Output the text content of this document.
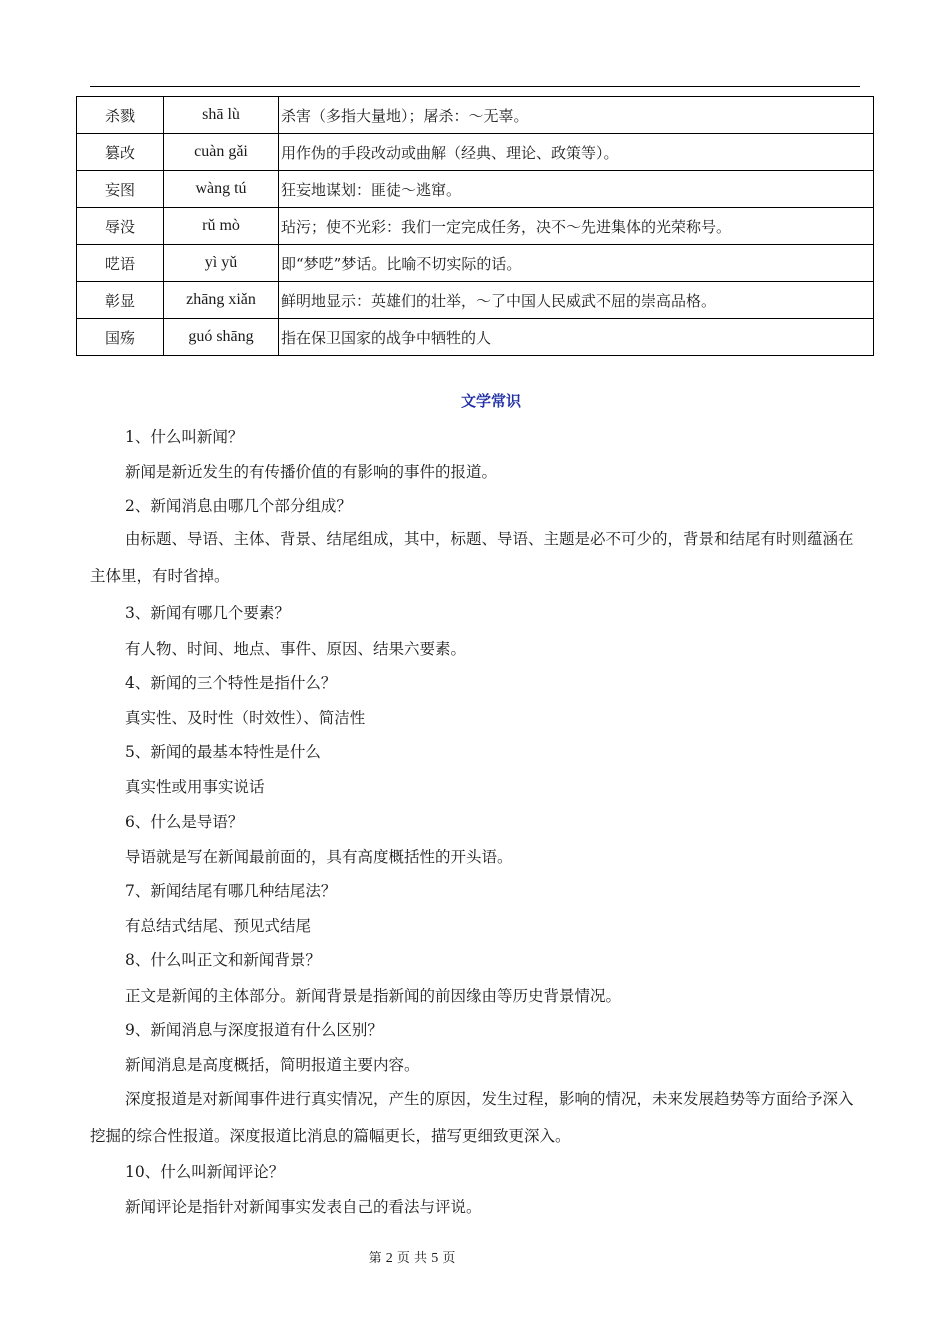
杀戮	shā lù	杀害（多指大量地）；屠杀：～无辜。
篡改	cuàn gǎi	用作伪的手段改动或曲解（经典、理论、政策等）。
妄图	wàng tú	狂妄地谋划：匪徒～逃窜。
辱没	rǔ mò	玷污；使不光彩：我们一定完成任务，决不～先进集体的光荣称号。
呓语	yì yǔ	即“梦呓”梦话。比喻不切实际的话。
彰显	zhāng xiǎn	鲜明地显示：英雄们的壮举，～了中国人民威武不屈的崇高品格。
国殇	guó shāng	指在保卫国家的战争中牺牲的人
文学常识
1、什么叫新闻？
新闻是新近发生的有传播价值的有影响的事件的报道。
2、新闻消息由哪几个部分组成？
由标题、导语、主体、背景、结尾组成，其中，标题、导语、主题是必不可少的，背景和结尾有时则蕴涵在主体里，有时省掉。
3、新闻有哪几个要素？
有人物、时间、地点、事件、原因、结果六要素。
4、新闻的三个特性是指什么？
真实性、及时性（时效性）、简洁性
5、新闻的最基本特性是什么
真实性或用事实说话
6、什么是导语？
导语就是写在新闻最前面的，具有高度概括性的开头语。
7、新闻结尾有哪几种结尾法？
有总结式结尾、预见式结尾
8、什么叫正文和新闻背景？
正文是新闻的主体部分。新闻背景是指新闻的前因缘由等历史背景情况。
9、新闻消息与深度报道有什么区别？
新闻消息是高度概括，简明报道主要内容。
深度报道是对新闻事件进行真实情况，产生的原因，发生过程，影响的情况，未来发展趋势等方面给予深入挖掘的综合性报道。深度报道比消息的篇幅更长，描写更细致更深入。
10、什么叫新闻评论？
新闻评论是指针对新闻事实发表自己的看法与评说。
第 2 页 共 5 页
